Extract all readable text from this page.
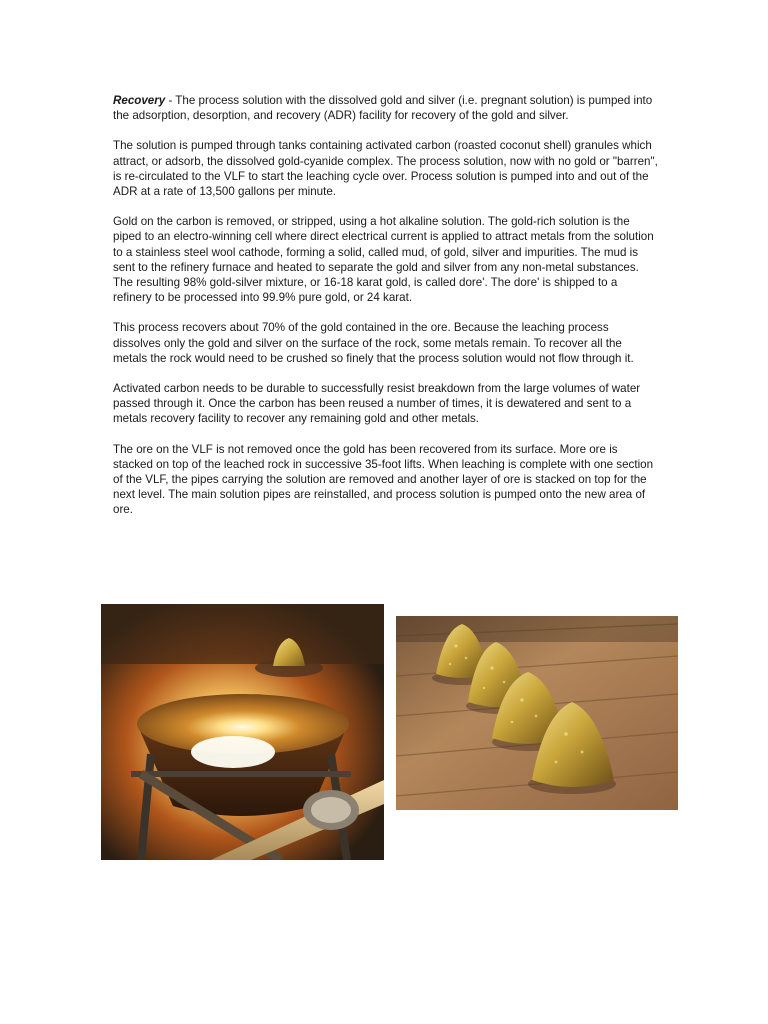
Recovery - The process solution with the dissolved gold and silver (i.e. pregnant solution) is pumped into the adsorption, desorption, and recovery (ADR) facility for recovery of the gold and silver.

The solution is pumped through tanks containing activated carbon (roasted coconut shell) granules which attract, or adsorb, the dissolved gold-cyanide complex. The process solution, now with no gold or "barren", is re-circulated to the VLF to start the leaching cycle over. Process solution is pumped into and out of the ADR at a rate of 13,500 gallons per minute.

Gold on the carbon is removed, or stripped, using a hot alkaline solution. The gold-rich solution is the piped to an electro-winning cell where direct electrical current is applied to attract metals from the solution to a stainless steel wool cathode, forming a solid, called mud, of gold, silver and impurities. The mud is sent to the refinery furnace and heated to separate the gold and silver from any non-metal substances. The resulting 98% gold-silver mixture, or 16-18 karat gold, is called dore'. The dore' is shipped to a refinery to be processed into 99.9% pure gold, or 24 karat.

This process recovers about 70% of the gold contained in the ore. Because the leaching process dissolves only the gold and silver on the surface of the rock, some metals remain. To recover all the metals the rock would need to be crushed so finely that the process solution would not flow through it.

Activated carbon needs to be durable to successfully resist breakdown from the large volumes of water passed through it. Once the carbon has been reused a number of times, it is dewatered and sent to a metals recovery facility to recover any remaining gold and other metals.

The ore on the VLF is not removed once the gold has been recovered from its surface. More ore is stacked on top of the leached rock in successive 35-foot lifts. When leaching is complete with one section of the VLF, the pipes carrying the solution are removed and another layer of ore is stacked on top for the next level. The main solution pipes are reinstalled, and process solution is pumped onto the new area of ore.
